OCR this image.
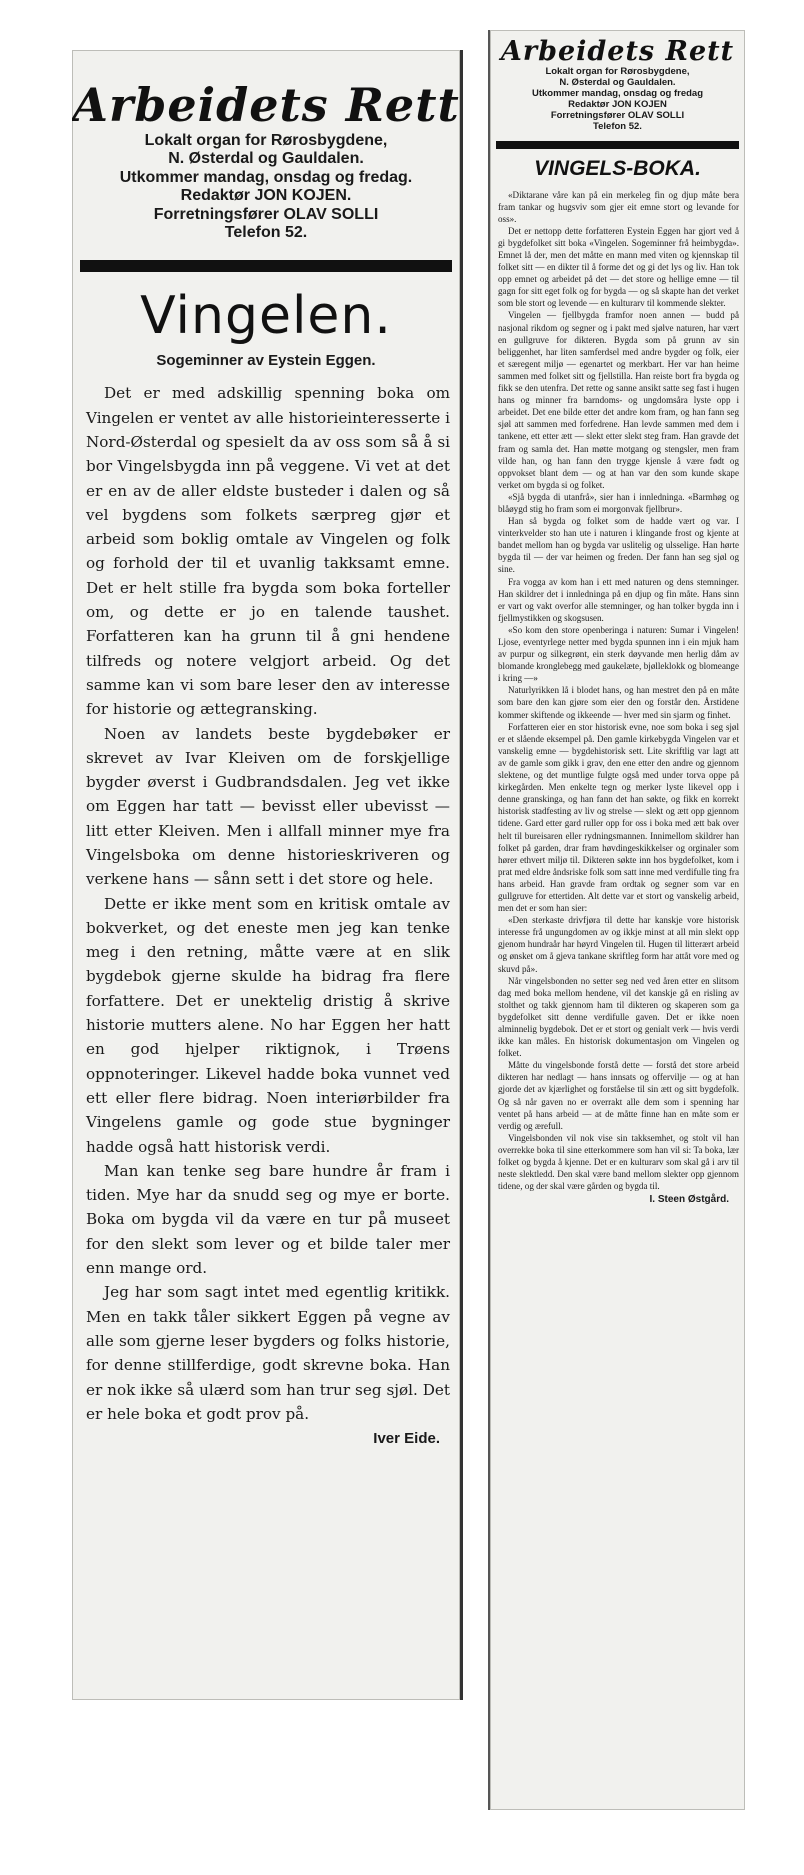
Arbeidets Rett
Lokalt organ for Rørosbygdene,
N. Østerdal og Gauldalen.
Utkommer mandag, onsdag og fredag.
Redaktør JON KOJEN.
Forretningsfører OLAV SOLLI
Telefon 52.
Vingelen.
Sogeminner av Eystein Eggen.

Det er med adskillig spenning boka om Vingelen er ventet av alle historieinteresserte i Nord-Østerdal og spesielt da av oss som så å si bor Vingelsbygda inn på veggene. Vi vet at det er en av de aller eldste busteder i dalen og så vel bygdens som folkets særpreg gjør et arbeid som boklig omtale av Vingelen og folk og forhold der til et uvanlig takksamt emne. Det er helt stille fra bygda som boka forteller om, og dette er jo en talende taushet. Forfatteren kan ha grunn til å gni hendene tilfreds og notere velgjort arbeid. Og det samme kan vi som bare leser den av interesse for historie og ættegransking.

Noen av landets beste bygdebøker er skrevet av Ivar Kleiven om de forskjellige bygder øverst i Gudbrandsdalen. Jeg vet ikke om Eggen har tatt — bevisst eller ubevisst — litt etter Kleiven. Men i allfall minner mye fra Vingelsboka om denne historieskriveren og verkene hans — sånn sett i det store og hele.

Dette er ikke ment som en kritisk omtale av bokverket, og det eneste men jeg kan tenke meg i den retning, måtte være at en slik bygdebok gjerne skulde ha bidrag fra flere forfattere. Det er unektelig dristig å skrive historie mutters alene. No har Eggen her hatt en god hjelper riktignok, i Trøens oppnoteringer. Likevel hadde boka vunnet ved ett eller flere bidrag. Noen interiørbilder fra Vingelens gamle og gode stue bygninger hadde også hatt historisk verdi.

Man kan tenke seg bare hundre år fram i tiden. Mye har da snudd seg og mye er borte. Boka om bygda vil da være en tur på museet for den slekt som lever og et bilde taler mer enn mange ord.

Jeg har som sagt intet med egentlig kritikk. Men en takk tåler sikkert Eggen på vegne av alle som gjerne leser bygders og folks historie, for denne stillferdige, godt skrevne boka. Han er nok ikke så ulærd som han trur seg sjøl. Det er hele boka et godt prov på.

Iver Eide.
Arbeidets Rett
Lokalt organ for Rørosbygdene,
N. Østerdal og Gauldalen.
Utkommer mandag, onsdag og fredag
Redaktør JON KOJEN
Forretningsfører OLAV SOLLI
Telefon 52.
VINGELS-BOKA.

«Diktarane våre kan på ein merkeleg fin og djup måte bera fram tankar og hugsviv som gjer eit emne stort og levande for oss».

Det er nettopp dette forfatteren Eystein Eggen har gjort ved å gi bygdefolket sitt boka «Vingelen. Sogeminner frå heimbygda». Emnet lå der, men det måtte en mann med viten og kjennskap til folket sitt — en dikter til å forme det og gi det lys og liv. Han tok opp emnet og arbeidet på det — det store og hellige emne — til gagn for sitt eget folk og for bygda — og så skapte han det verket som ble stort og levende — en kulturarv til kommende slekter.

Vingelen — fjellbygda framfor noen annen — budd på nasjonal rikdom og segner og i pakt med sjølve naturen, har vært en gullgruve for dikteren. Bygda som på grunn av sin beliggenhet, har liten samferdsel med andre bygder og folk, eier et særegent miljø — egenartet og merkbart. Her var han heime sammen med folket sitt og fjellstilla. Han reiste bort fra bygda og fikk se den utenfra. Det rette og sanne ansikt satte seg fast i hugen hans og minner fra barndoms- og ungdomsåra lyste opp i arbeidet. Det ene bilde etter det andre kom fram, og han fann seg sjøl att sammen med forfedrene. Han levde sammen med dem i tankene, ett etter ætt — slekt etter slekt steg fram. Han gravde det fram og samla det. Han møtte motgang og stengsler, men fram vilde han, og han fann den trygge kjensle å være født og oppvokset blant dem — og at han var den som kunde skape verket om bygda si og folket.

«Sjå bygda di utanfrå», sier han i innledninga. «Barmhøg og blåøygd stig ho fram som ei morgonvak fjellbrur».

Han så bygda og folket som de hadde vært og var. I vinterkvelder sto han ute i naturen i klingande frost og kjente at bandet mellom han og bygda var uslitelig og ulsselige. Han hørte bygda til — der var heimen og freden. Der fann han seg sjøl og sine.

Fra vogga av kom han i ett med naturen og dens stemninger. Han skildrer det i innledninga på en djup og fin måte. Hans sinn er vart og vakt overfor alle stemninger, og han tolker bygda inn i fjellmystikken og skogsusen.

«So kom den store openberinga i naturen: Sumar i Vingelen! Ljose, eventyrlege netter med bygda spunnen inn i ein mjuk ham av purpur og silkegrønt, ein sterk døyvande men herlig dåm av blomande kronglebegg med gaukelæte, bjølleklokk og blomeange i kring —»

Naturlyrikken lå i blodet hans, og han mestret den på en måte som bare den kan gjøre som eier den og forstår den. Årstidene kommer skiftende og ikkeende — hver med sin sjarm og finhet.

Forfatteren eier en stor historisk evne, noe som boka i seg sjøl er et slående eksempel på. Den gamle kirkebygda Vingelen var et vanskelig emne — bygdehistorisk sett. Lite skriftlig var lagt att av de gamle som gikk i grav, den ene etter den andre og gjennom slektene, og det muntlige fulgte også med under torva oppe på kirkegården. Men enkelte tegn og merker lyste likevel opp i denne granskinga, og han fann det han søkte, og fikk en korrekt historisk stadfesting av liv og strelse — slekt og ætt opp gjennom tidene. Gard etter gard ruller opp for oss i boka med ætt bak over helt til bureisaren eller rydningsmannen. Innimellom skildrer han folket på garden, drar fram høvdingeskikkelser og orginaler som hører ethvert miljø til. Dikteren søkte inn hos bygdefolket, kom i prat med eldre åndsriske folk som satt inne med verdifulle ting fra hans arbeid. Han gravde fram ordtak og segner som var en gullgruve for ettertiden. Alt dette var et stort og vanskelig arbeid, men det er som han sier:

«Den sterkaste drivfjøra til dette har kanskje vore historisk interesse frå ungungdomen av og ikkje minst at all min slekt opp gjenom hundraår har høyrd Vingelen til. Hugen til litterært arbeid og ønsket om å gjeva tankane skriftleg form har attåt vore med og skuvd på».

Når vingelsbonden no setter seg ned ved åren etter en slitsom dag med boka mellom hendene, vil det kanskje gå en risling av stolthet og takk gjennom ham til dikteren og skaperen som ga bygdefolket sitt denne verdifulle gaven. Det er ikke noen alminnelig bygdebok. Det er et stort og genialt verk — hvis verdi ikke kan måles. En historisk dokumentasjon om Vingelen og folket.

Måtte du vingelsbonde forstå dette — forstå det store arbeid dikteren har nedlagt — hans innsats og offervilje — og at han gjorde det av kjærlighet og forståelse til sin ætt og sitt bygdefolk. Og så når gaven no er overrakt alle dem som i spenning har ventet på hans arbeid — at de måtte finne han en måte som er verdig og ærefull.

Vingelsbonden vil nok vise sin takksemhet, og stolt vil han overrekke boka til sine etterkommere som han vil si: Ta boka, lær folket og bygda å kjenne. Det er en kulturarv som skal gå i arv til neste slektledd. Den skal være band mellom slekter opp gjennom tidene, og der skal være gården og bygda til.

I. Steen Østgård.
